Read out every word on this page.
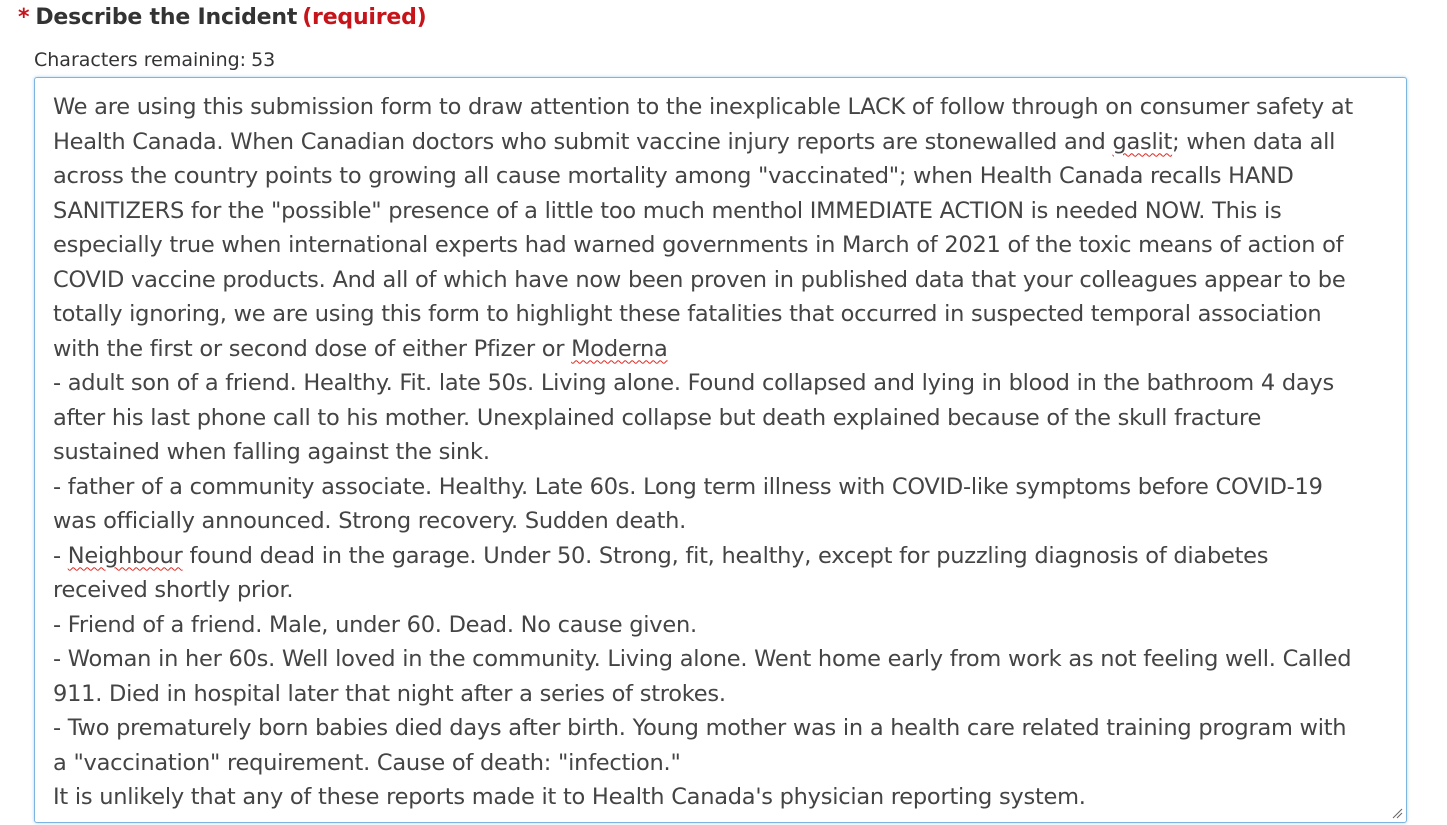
* Describe the Incident (required)
Characters remaining: 53
We are using this submission form to draw attention to the inexplicable LACK of follow through on consumer safety at
Health Canada. When Canadian doctors who submit vaccine injury reports are stonewalled and gaslit; when data all
across the country points to growing all cause mortality among "vaccinated"; when Health Canada recalls HAND
SANITIZERS for the "possible" presence of a little too much menthol IMMEDIATE ACTION is needed NOW. This is
especially true when international experts had warned governments in March of 2021 of the toxic means of action of
COVID vaccine products. And all of which have now been proven in published data that your colleagues appear to be
totally ignoring, we are using this form to highlight these fatalities that occurred in suspected temporal association
with the first or second dose of either Pfizer or Moderna
- adult son of a friend. Healthy. Fit. late 50s. Living alone. Found collapsed and lying in blood in the bathroom 4 days
after his last phone call to his mother. Unexplained collapse but death explained because of the skull fracture
sustained when falling against the sink.
- father of a community associate. Healthy. Late 60s. Long term illness with COVID-like symptoms before COVID-19
was officially announced. Strong recovery. Sudden death.
- Neighbour found dead in the garage. Under 50. Strong, fit, healthy, except for puzzling diagnosis of diabetes
received shortly prior.
- Friend of a friend. Male, under 60. Dead. No cause given.
- Woman in her 60s. Well loved in the community. Living alone. Went home early from work as not feeling well. Called
911. Died in hospital later that night after a series of strokes.
- Two prematurely born babies died days after birth. Young mother was in a health care related training program with
a "vaccination" requirement. Cause of death: "infection."
It is unlikely that any of these reports made it to Health Canada's physician reporting system.
